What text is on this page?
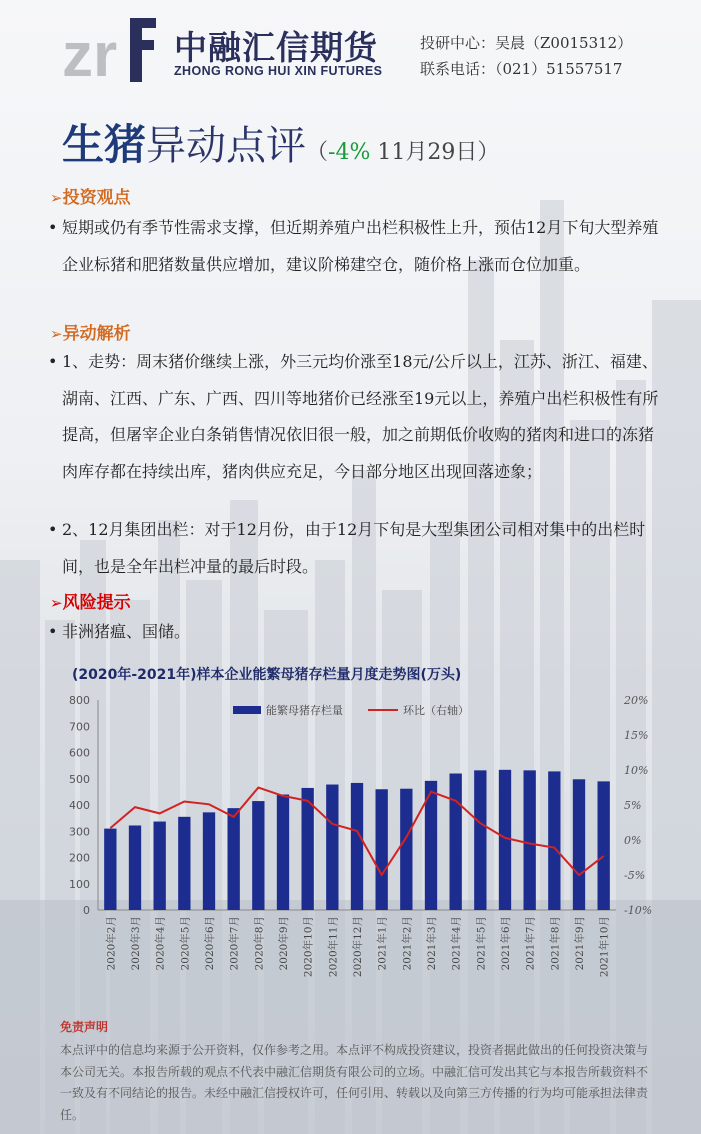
zr 中融汇信期货
ZHONG RONG HUI XIN FUTURES
投研中心：吴晨（Z0015312）
联系电话：（021）51557517
生猪异动点评（-4% 11月29日）
➢投资观点
• 短期或仍有季节性需求支撑，但近期养殖户出栏积极性上升，预估12月下旬大型养殖企业标猪和肥猪数量供应增加，建议阶梯建空仓，随价格上涨而仓位加重。
➢异动解析
• 1、走势：周末猪价继续上涨，外三元均价涨至18元/公斤以上，江苏、浙江、福建、湖南、江西、广东、广西、四川等地猪价已经涨至19元以上，养殖户出栏积极性有所提高，但屠宰企业白条销售情况依旧很一般，加之前期低价收购的猪肉和进口的冻猪肉库存都在持续出库，猪肉供应充足，今日部分地区出现回落迹象；
• 2、12月集团出栏：对于12月份，由于12月下旬是大型集团公司相对集中的出栏时间，也是全年出栏冲量的最后时段。
➢风险提示
• 非洲猪瘟、国储。
(2020年-2021年)样本企业能繁母猪存栏量月度走势图(万头)
0
100
200
300
400
500
600
700
800
-10%
-5%
0%
5%
10%
15%
20%
2020年2月 2020年3月 2020年4月 2020年5月 2020年6月 2020年7月 2020年8月 2020年9月 2020年10月 2020年11月 2020年12月 2021年1月 2021年2月 2021年3月 2021年4月 2021年5月 2021年6月 2021年7月 2021年8月 2021年9月 2021年10月
能繁母猪存栏量	环比（右轴）
免责声明
本点评中的信息均来源于公开资料，仅作参考之用。本点评不构成投资建议，投资者据此做出的任何投资决策与本公司无关。本报告所载的观点不代表中融汇信期货有限公司的立场。中融汇信可发出其它与本报告所载资料不一致及有不同结论的报告。未经中融汇信授权许可，任何引用、转载以及向第三方传播的行为均可能承担法律责任。
